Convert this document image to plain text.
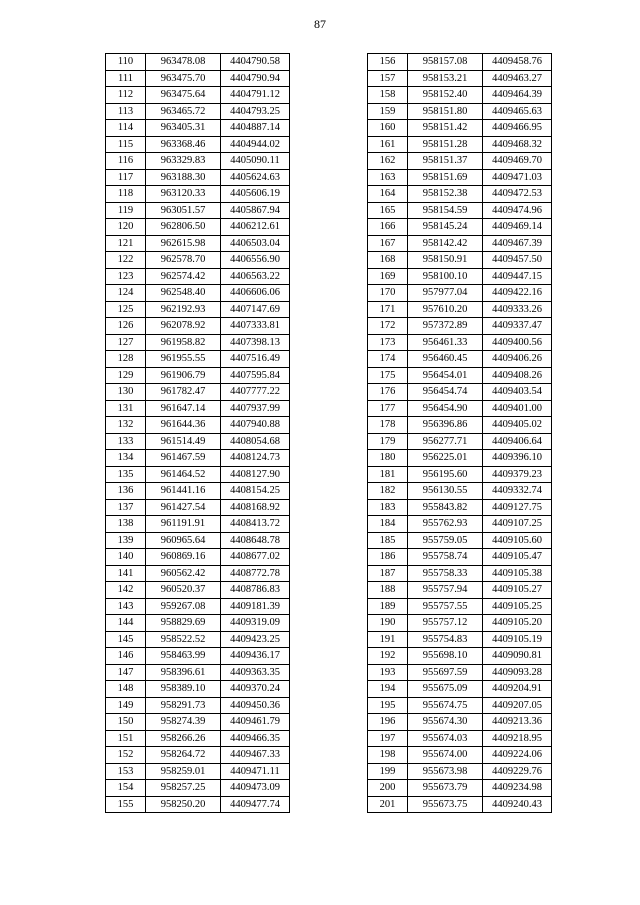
87
110	963478.08	4404790.58
111	963475.70	4404790.94
112	963475.64	4404791.12
113	963465.72	4404793.25
114	963405.31	4404887.14
115	963368.46	4404944.02
116	963329.83	4405090.11
117	963188.30	4405624.63
118	963120.33	4405606.19
119	963051.57	4405867.94
120	962806.50	4406212.61
121	962615.98	4406503.04
122	962578.70	4406556.90
123	962574.42	4406563.22
124	962548.40	4406606.06
125	962192.93	4407147.69
126	962078.92	4407333.81
127	961958.82	4407398.13
128	961955.55	4407516.49
129	961906.79	4407595.84
130	961782.47	4407777.22
131	961647.14	4407937.99
132	961644.36	4407940.88
133	961514.49	4408054.68
134	961467.59	4408124.73
135	961464.52	4408127.90
136	961441.16	4408154.25
137	961427.54	4408168.92
138	961191.91	4408413.72
139	960965.64	4408648.78
140	960869.16	4408677.02
141	960562.42	4408772.78
142	960520.37	4408786.83
143	959267.08	4409181.39
144	958829.69	4409319.09
145	958522.52	4409423.25
146	958463.99	4409436.17
147	958396.61	4409363.35
148	958389.10	4409370.24
149	958291.73	4409450.36
150	958274.39	4409461.79
151	958266.26	4409466.35
152	958264.72	4409467.33
153	958259.01	4409471.11
154	958257.25	4409473.09
155	958250.20	4409477.74
156	958157.08	4409458.76
157	958153.21	4409463.27
158	958152.40	4409464.39
159	958151.80	4409465.63
160	958151.42	4409466.95
161	958151.28	4409468.32
162	958151.37	4409469.70
163	958151.69	4409471.03
164	958152.38	4409472.53
165	958154.59	4409474.96
166	958145.24	4409469.14
167	958142.42	4409467.39
168	958150.91	4409457.50
169	958100.10	4409447.15
170	957977.04	4409422.16
171	957610.20	4409333.26
172	957372.89	4409337.47
173	956461.33	4409400.56
174	956460.45	4409406.26
175	956454.01	4409408.26
176	956454.74	4409403.54
177	956454.90	4409401.00
178	956396.86	4409405.02
179	956277.71	4409406.64
180	956225.01	4409396.10
181	956195.60	4409379.23
182	956130.55	4409332.74
183	955843.82	4409127.75
184	955762.93	4409107.25
185	955759.05	4409105.60
186	955758.74	4409105.47
187	955758.33	4409105.38
188	955757.94	4409105.27
189	955757.55	4409105.25
190	955757.12	4409105.20
191	955754.83	4409105.19
192	955698.10	4409090.81
193	955697.59	4409093.28
194	955675.09	4409204.91
195	955674.75	4409207.05
196	955674.30	4409213.36
197	955674.03	4409218.95
198	955674.00	4409224.06
199	955673.98	4409229.76
200	955673.79	4409234.98
201	955673.75	4409240.43
